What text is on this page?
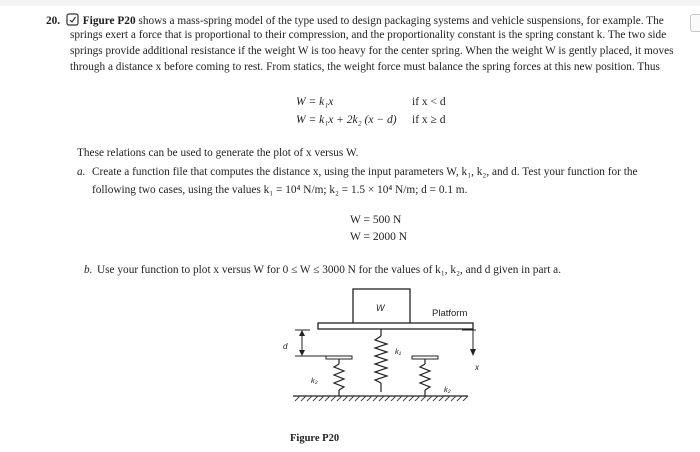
20. Figure P20 shows a mass-spring model of the type used to design packaging systems and vehicle suspensions, for example. The
springs exert a force that is proportional to their compression, and the proportionality constant is the spring constant k. The two side
springs provide additional resistance if the weight W is too heavy for the center spring. When the weight W is gently placed, it moves
through a distance x before coming to rest. From statics, the weight force must balance the spring forces at this new position. Thus
W = k₁x	if x < d
W = k₁x + 2k₂ (x − d) if x ≥ d
These relations can be used to generate the plot of x versus W.
a. Create a function file that computes the distance x, using the input parameters W, k₁, k₂, and d. Test your function for the
following two cases, using the values k₁ = 10⁴ N/m; k₂ = 1.5 × 10⁴ N/m; d = 0.1 m.
W = 500 N
W = 2000 N
b. Use your function to plot x versus W for 0 ≤ W ≤ 3000 N for the values of k₁, k₂, and d given in part a.
W	Platform
d
k₁
k₂
k₂
x
Figure P20
